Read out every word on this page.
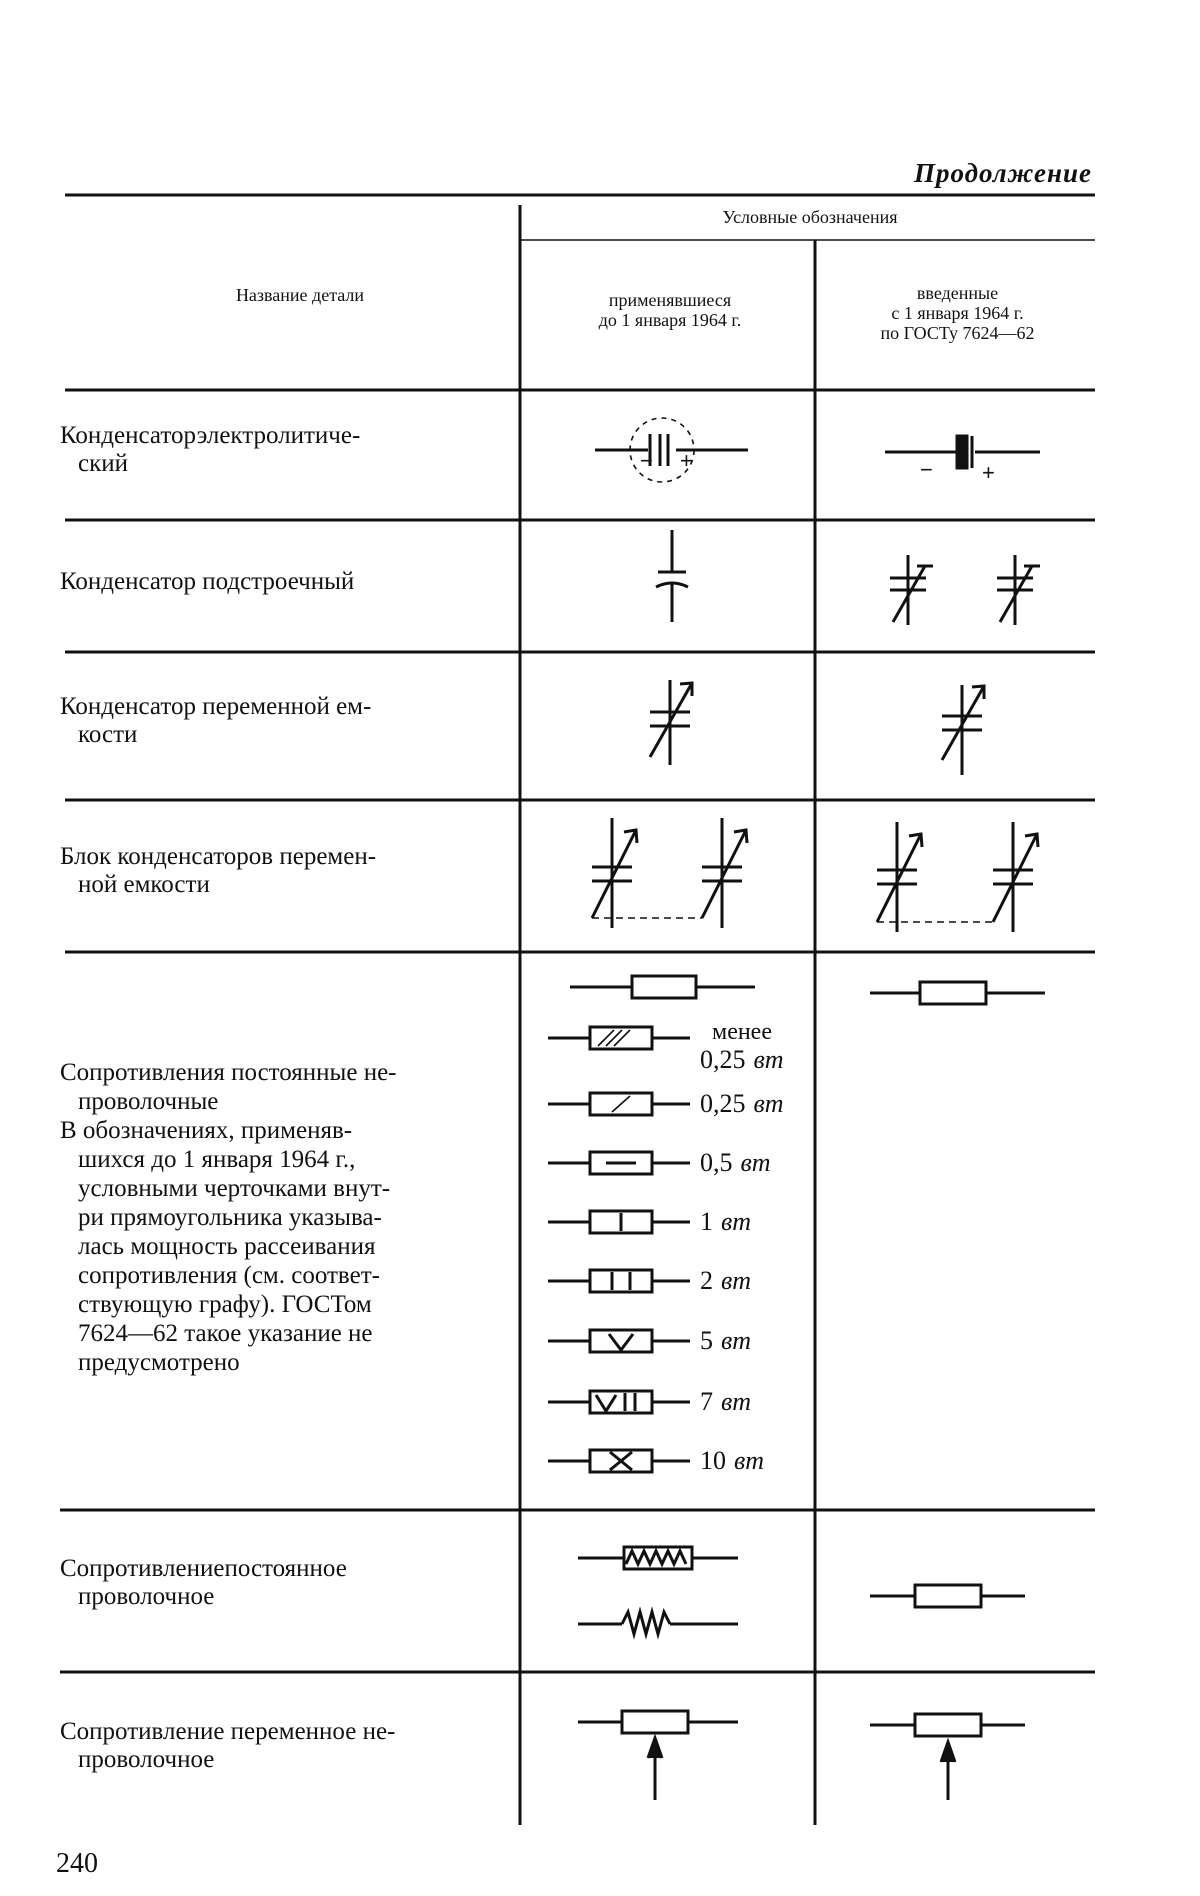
Продолжение
− +	− +
Условные обозначения
Название детали	применявшиеся
до 1 января 1964 г.
введенные
с 1 января 1964 г.
по ГОСТу 7624—62
Конденсаторэлектролитиче-
ский
Конденсатор подстроечный
Конденсатор переменной ем-
кости
Блок конденсаторов перемен-
ной емкости
Сопротивления постоянные не-
проволочные
В обозначениях, применяв-
шихся до 1 января 1964 г.,
условными черточками внут-
ри прямоугольника указыва-
лась мощность рассеивания
сопротивления (см. соответ-
ствующую графу). ГОСТом
7624—62 такое указание не
предусмотрено
Сопротивлениепостоянное
проволочное
Сопротивление переменное не-
проволочное
менее
0,25 вт
0,25 вт
0,5 вт
1 вт
2 вт
5 вт
7 вт
10 вт
240
